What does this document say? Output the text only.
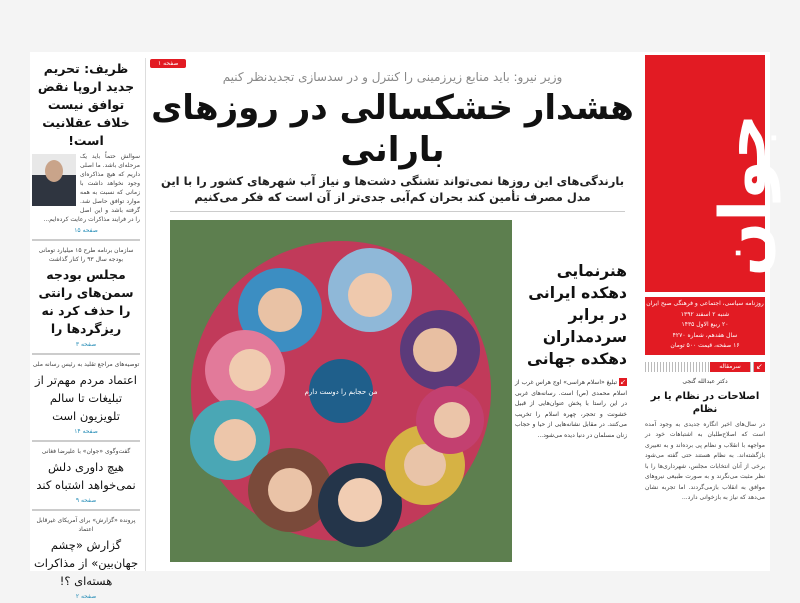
ظریف: تحریم جدید اروپا نقض توافق نیست خلاف عقلانیت است!
سوالش حتماً باید یک مرحله‌ای باشد. ما اصلی داریم که هیچ مذاکره‌ای وجود نخواهد داشت با زمانی که نسبت به همه موارد توافق حاصل شد. گرفته باشد و این اصل را در فرایند مذاکرات رعایت کرده‌ایم...
صفحه ۱۵
سازمان برنامه طرح ۱۵ میلیارد تومانی بودجه سال ۹۳ را کنار گذاشت
مجلس بودجه سمن‌های رانتی را حذف کرد نه ریزگردها را
صفحه ۳
توصیه‌های مراجع تقلید به رئیس رسانه ملی
اعتماد مردم مهم‌تر از تبلیغات تا سالم تلویزیون است
صفحه ۱۴
گفت‌وگوی «جوان» با علیرضا فغانی
هیچ داوری دلش نمی‌خواهد اشتباه کند
صفحه ۹
پرونده «گزارش» برای آمریکای غیرقابل اعتماد
گزارش «چشم جهان‌بین» از مذاکرات هسته‌ای ؟!
صفحه ۲
صفحه ۱
وزیر نیرو: باید منابع زیرزمینی را کنترل و در سدسازی تجدیدنظر کنیم
هشدار خشکسالی در روزهای بارانی
بارندگی‌های این روزها نمی‌تواند تشنگی دشت‌ها و نیاز آب شهرهای کشور را با این مدل مصرف تأمین کند بحران کم‌آبی جدی‌تر از آن است که فکر می‌کنیم
من حجابم را دوست دارم
هنرنمایی
دهکده ایرانی
در برابر
سردمداران
دهکده جهانی
↙ تبلیغ «اسلام هراسی» اوج هراس غرب از اسلام محمدی (ص) است. رسانه‌های غربی در این راستا با پخش عنوان‌هایی از قبیل خشونت و تحجر، چهره اسلام را تخریب می‌کنند. در مقابل نشانه‌هایی از حیا و حجاب زنان مسلمان در دنیا دیده می‌شود...
جوان
روزنامه سیاسی، اجتماعی و فرهنگی صبح ایران
شنبه ۲ اسفند ۱۳۹۲
۲۰ ربیع الاول ۱۴۳۵
سال هفدهم، شماره ۴۲۷۰
۱۶ صفحه، قیمت ۵۰۰ تومان
سرمقاله	↙
دکتر عبدالله گنجی
اصلاحات در نظام یا بر نظام
در سال‌های اخیر انگاره جدیدی به وجود آمده است که اصلاح‌طلبان به اشتباهات خود در مواجهه با انقلاب و نظام پی برده‌اند و به تعبیری بازگشته‌اند. به نظام هستند حتی گفته می‌شود برخی از آنان انتخابات مجلس، شهرداری‌ها را با نظر مثبت می‌نگرند و به صورت طبیعی نیروهای موافق به انقلاب بازمی‌گردند. اما تجربه نشان می‌دهد که نیاز به بازخوانی دارد...
